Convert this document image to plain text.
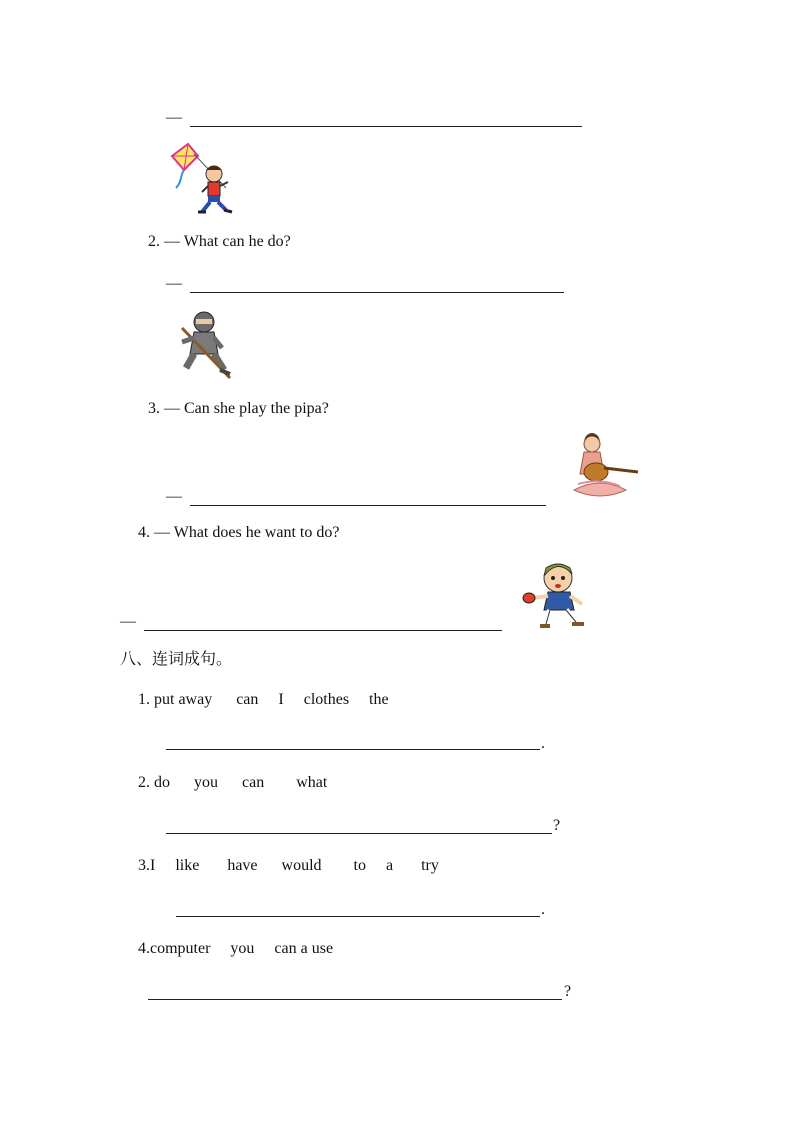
—
2. — What can he do?
—
3. — Can she play the pipa?
—
4. — What does he want to do?
—
八、连词成句。
1. put away      can     I     clothes     the
.
2. do      you      can        what
?
3.I     like       have      would        to     a       try
.
4.computer     you     can a use
?
